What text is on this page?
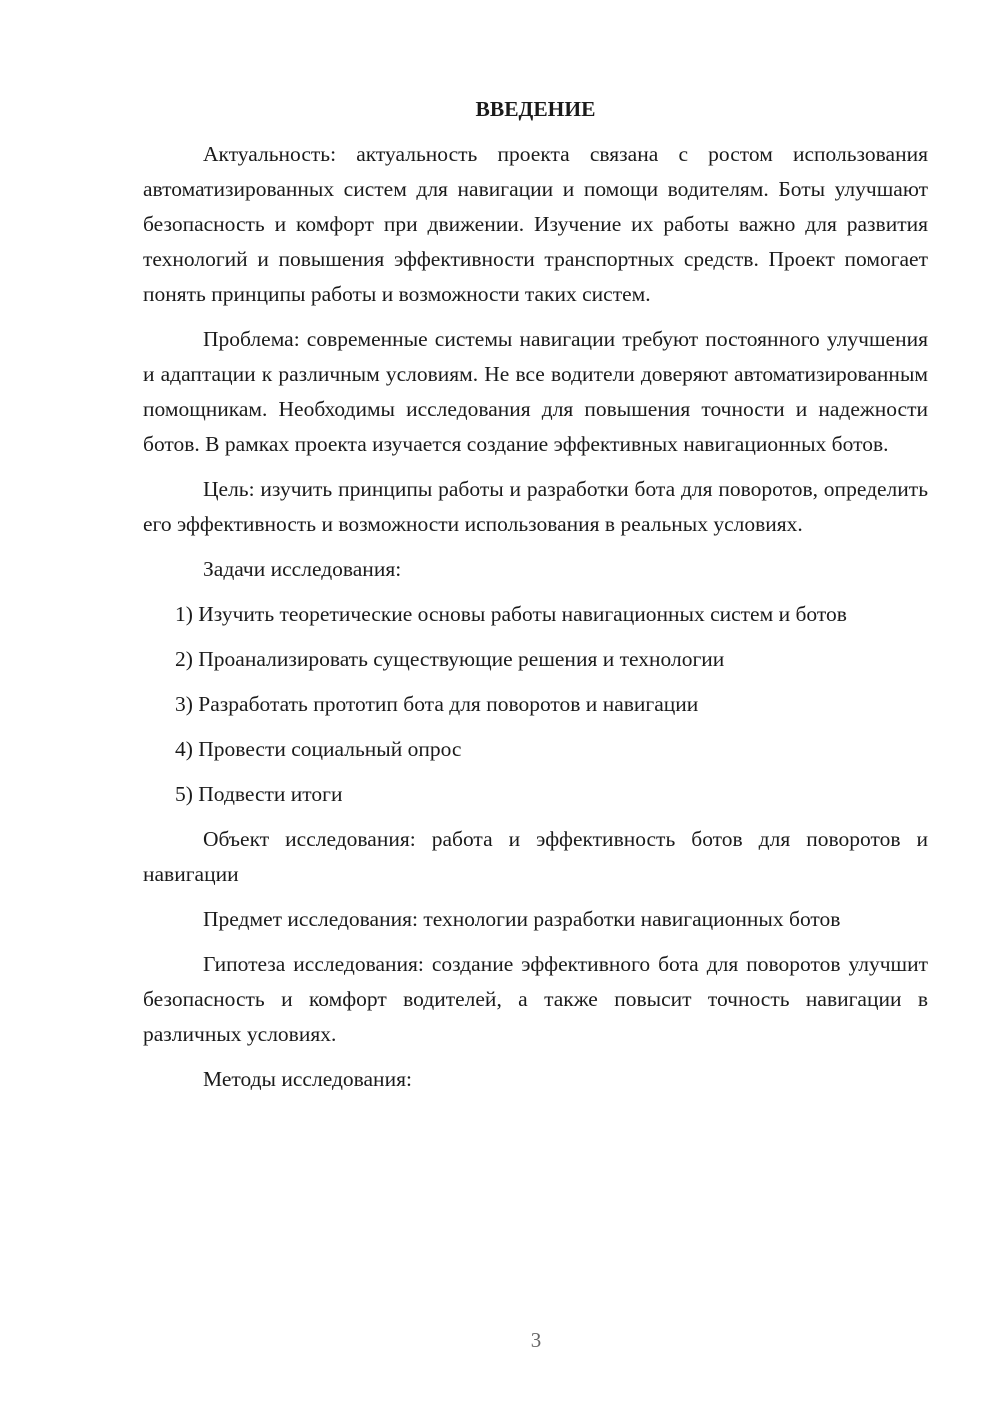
ВВЕДЕНИЕ

Актуальность: актуальность проекта связана с ростом использования автоматизированных систем для навигации и помощи водителям. Боты улучшают безопасность и комфорт при движении. Изучение их работы важно для развития технологий и повышения эффективности транспортных средств. Проект помогает понять принципы работы и возможности таких систем.

Проблема: современные системы навигации требуют постоянного улучшения и адаптации к различным условиям. Не все водители доверяют автоматизированным помощникам. Необходимы исследования для повышения точности и надежности ботов. В рамках проекта изучается создание эффективных навигационных ботов.

Цель: изучить принципы работы и разработки бота для поворотов, определить его эффективность и возможности использования в реальных условиях.

Задачи исследования:

1) Изучить теоретические основы работы навигационных систем и ботов
2) Проанализировать существующие решения и технологии
3) Разработать прототип бота для поворотов и навигации
4) Провести социальный опрос
5) Подвести итоги

Объект исследования: работа и эффективность ботов для поворотов и навигации

Предмет исследования: технологии разработки навигационных ботов

Гипотеза исследования: создание эффективного бота для поворотов улучшит безопасность и комфорт водителей, а также повысит точность навигации в различных условиях.

Методы исследования:

3
